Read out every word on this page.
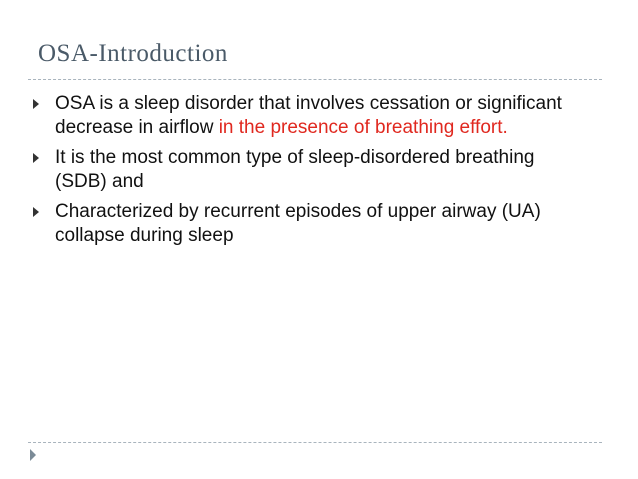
OSA-Introduction
OSA is a sleep disorder that involves cessation or significant decrease in airflow in the presence of breathing effort.
It is the most common type of sleep-disordered breathing (SDB) and
Characterized by recurrent episodes of upper airway (UA) collapse during sleep
